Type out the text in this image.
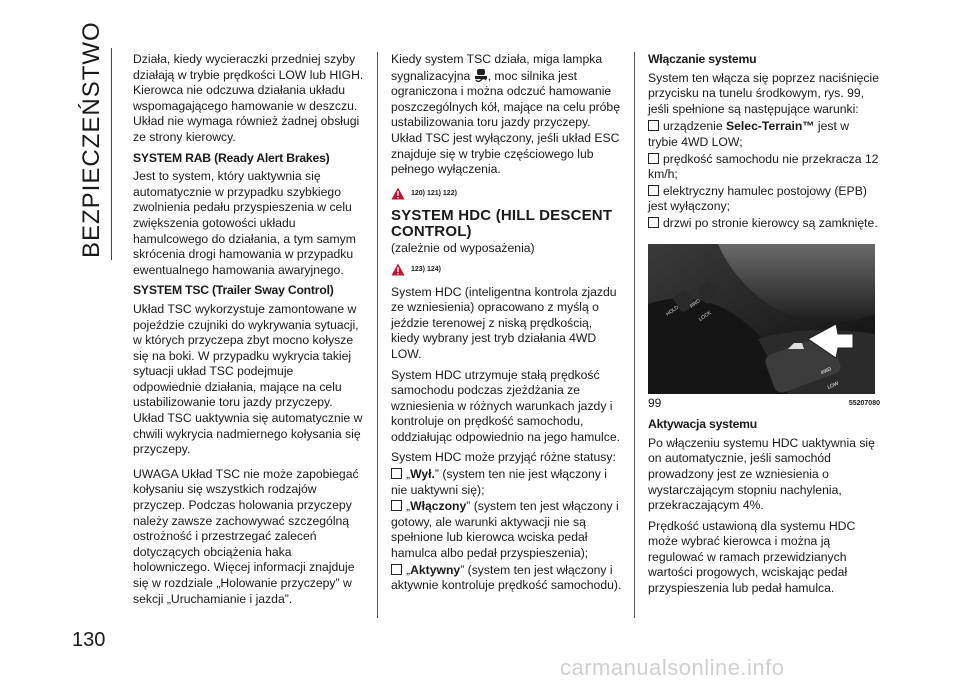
BEZPIECZEŃSTWO
130

Działa, kiedy wycieraczki przedniej szyby działają w trybie prędkości LOW lub HIGH. Kierowca nie odczuwa działania układu wspomagającego hamowanie w deszczu. Układ nie wymaga również żadnej obsługi ze strony kierowcy.

SYSTEM RAB (Ready Alert Brakes)

Jest to system, który uaktywnia się automatycznie w przypadku szybkiego zwolnienia pedału przyspieszenia w celu zwiększenia gotowości układu hamulcowego do działania, a tym samym skrócenia drogi hamowania w przypadku ewentualnego hamowania awaryjnego.

SYSTEM TSC (Trailer Sway Control)

Układ TSC wykorzystuje zamontowane w pojeździe czujniki do wykrywania sytuacji, w których przyczepa zbyt mocno kołysze się na boki. W przypadku wykrycia takiej sytuacji układ TSC podejmuje odpowiednie działania, mające na celu ustabilizowanie toru jazdy przyczepy. Układ TSC uaktywnia się automatycznie w chwili wykrycia nadmiernego kołysania się przyczepy.

UWAGA Układ TSC nie może zapobiegać kołysaniu się wszystkich rodzajów przyczep. Podczas holowania przyczepy należy zawsze zachowywać szczególną ostrożność i przestrzegać zaleceń dotyczących obciążenia haka holowniczego. Więcej informacji znajduje się w rozdziale „Holowanie przyczepy” w sekcji „Uruchamianie i jazda”.

Kiedy system TSC działa, miga lampka sygnalizacyjna , moc silnika jest ograniczona i można odczuć hamowanie poszczególnych kół, mające na celu próbę ustabilizowania toru jazdy przyczepy. Układ TSC jest wyłączony, jeśli układ ESC znajduje się w trybie częściowego lub pełnego wyłączenia.

120) 121) 122)
SYSTEM HDC (HILL DESCENT CONTROL)

(zależnie od wyposażenia)

123) 124)

System HDC (inteligentna kontrola zjazdu ze wzniesienia) opracowano z myślą o jeździe terenowej z niską prędkością, kiedy wybrany jest tryb działania 4WD LOW.

System HDC utrzymuje stałą prędkość samochodu podczas zjeżdżania ze wzniesienia w różnych warunkach jazdy i kontroluje on prędkość samochodu, oddziałując odpowiednio na jego hamulce.

System HDC może przyjąć różne statusy:

„Wył.” (system ten nie jest włączony i nie uaktywni się);

„Włączony” (system ten jest włączony i gotowy, ale warunki aktywacji nie są spełnione lub kierowca wciska pedał hamulca albo pedał przyspieszenia);

„Aktywny” (system ten jest włączony i aktywnie kontroluje prędkość samochodu).

Włączanie systemu

System ten włącza się poprzez naciśnięcie przycisku na tunelu środkowym, rys. 99, jeśli spełnione są następujące warunki:

urządzenie Selec-Terrain™ jest w trybie 4WD LOW;

prędkość samochodu nie przekracza 12 km/h;

elektryczny hamulec postojowy (EPB) jest wyłączony;

drzwi po stronie kierowcy są zamknięte.

HOLD
AWD LOCK
4WD LOW
99	55207080
Aktywacja systemu

Po włączeniu systemu HDC uaktywnia się on automatycznie, jeśli samochód prowadzony jest ze wzniesienia o wystarczającym stopniu nachylenia, przekraczającym 4%.

Prędkość ustawioną dla systemu HDC może wybrać kierowca i można ją regulować w ramach przewidzianych wartości progowych, wciskając pedał przyspieszenia lub pedał hamulca.

carmanualsonline.info
